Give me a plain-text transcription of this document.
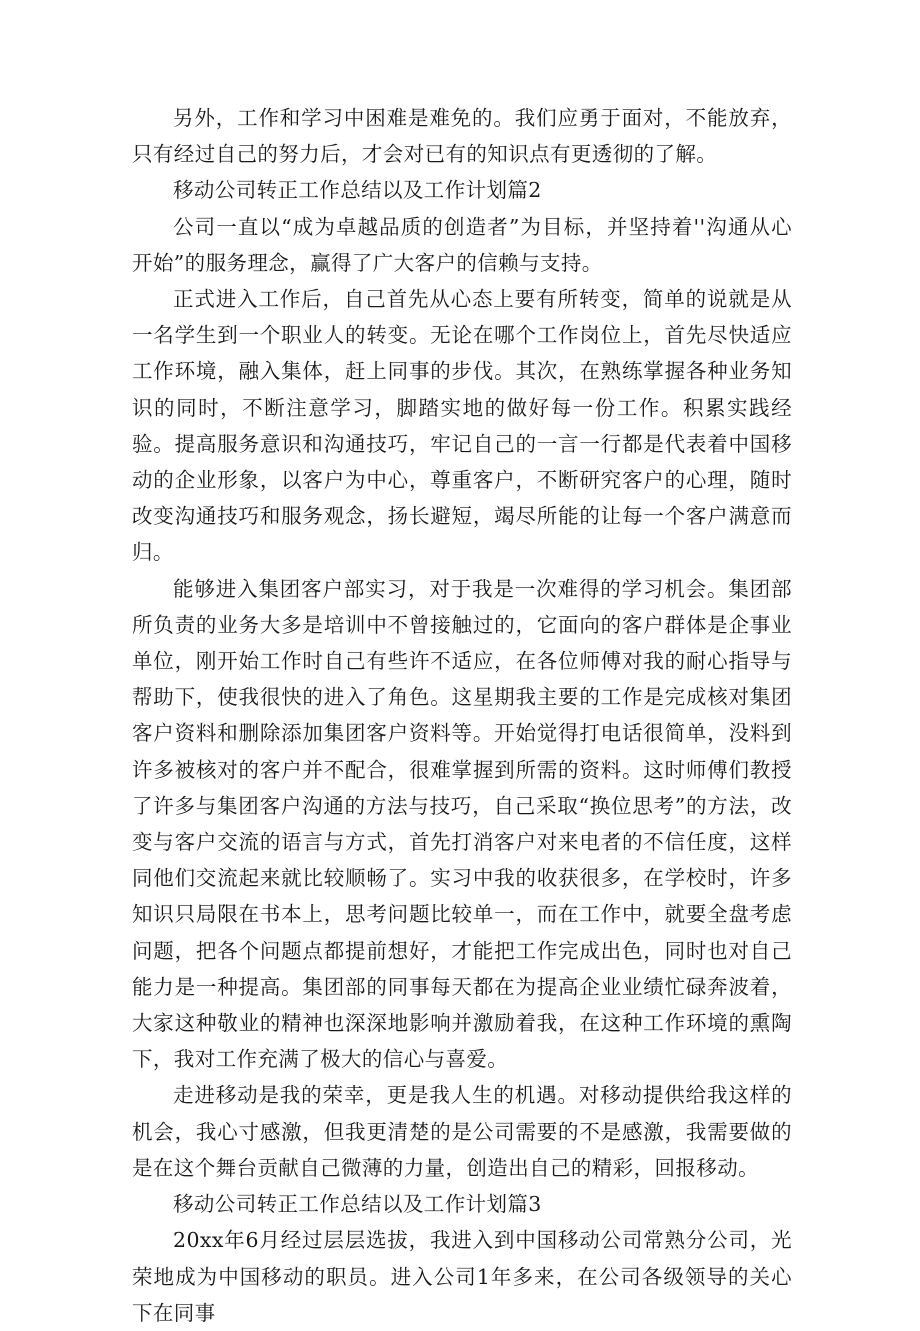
另外，工作和学习中困难是难免的。我们应勇于面对，不能放弃，只有经过自己的努力后，才会对已有的知识点有更透彻的了解。

移动公司转正工作总结以及工作计划篇2

公司一直以“成为卓越品质的创造者”为目标，并坚持着''沟通从心开始”的服务理念，赢得了广大客户的信赖与支持。

正式进入工作后，自己首先从心态上要有所转变，简单的说就是从一名学生到一个职业人的转变。无论在哪个工作岗位上，首先尽快适应工作环境，融入集体，赶上同事的步伐。其次，在熟练掌握各种业务知识的同时，不断注意学习，脚踏实地的做好每一份工作。积累实践经验。提高服务意识和沟通技巧，牢记自己的一言一行都是代表着中国移动的企业形象，以客户为中心，尊重客户，不断研究客户的心理，随时改变沟通技巧和服务观念，扬长避短，竭尽所能的让每一个客户满意而归。

能够进入集团客户部实习，对于我是一次难得的学习机会。集团部所负责的业务大多是培训中不曾接触过的，它面向的客户群体是企事业单位，刚开始工作时自己有些许不适应，在各位师傅对我的耐心指导与帮助下，使我很快的进入了角色。这星期我主要的工作是完成核对集团客户资料和删除添加集团客户资料等。开始觉得打电话很简单，没料到许多被核对的客户并不配合，很难掌握到所需的资料。这时师傅们教授了许多与集团客户沟通的方法与技巧，自己采取“换位思考”的方法，改变与客户交流的语言与方式，首先打消客户对来电者的不信任度，这样同他们交流起来就比较顺畅了。实习中我的收获很多，在学校时，许多知识只局限在书本上，思考问题比较单一，而在工作中，就要全盘考虑问题，把各个问题点都提前想好，才能把工作完成出色，同时也对自己能力是一种提高。集团部的同事每天都在为提高企业业绩忙碌奔波着，大家这种敬业的精神也深深地影响并激励着我，在这种工作环境的熏陶下，我对工作充满了极大的信心与喜爱。

走进移动是我的荣幸，更是我人生的机遇。对移动提供给我这样的机会，我心寸感激，但我更清楚的是公司需要的不是感激，我需要做的是在这个舞台贡献自己微薄的力量，创造出自己的精彩，回报移动。

移动公司转正工作总结以及工作计划篇3

20xx年6月经过层层选拔，我进入到中国移动公司常熟分公司，光荣地成为中国移动的职员。进入公司1年多来，在公司各级领导的关心下在同事
